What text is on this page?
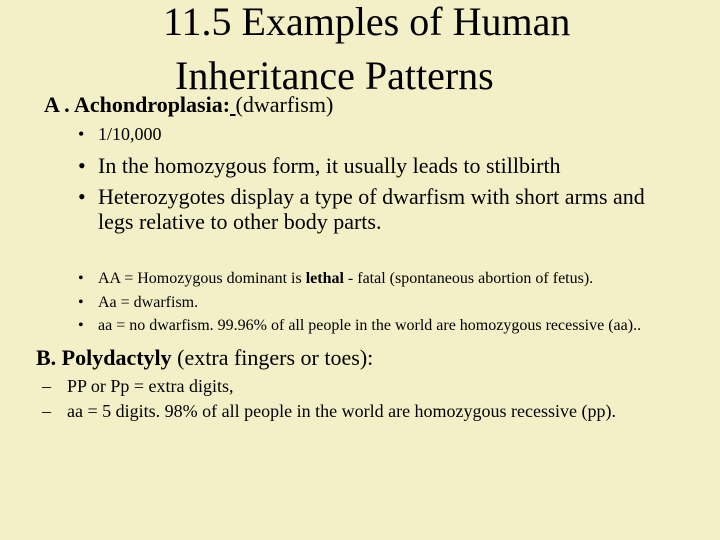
11.5 Examples of Human
Inheritance Patterns
A . Achondroplasia: (dwarfism)
• 1/10,000
• In the homozygous form, it usually leads to stillbirth
• Heterozygotes display a type of dwarfism with short arms and
legs relative to other body parts.
• AA = Homozygous dominant is lethal - fatal (spontaneous abortion of fetus).
• Aa = dwarfism.
• aa = no dwarfism. 99.96% of all people in the world are homozygous recessive (aa)..
B. Polydactyly (extra fingers or toes):
– PP or Pp = extra digits,
– aa = 5 digits. 98% of all people in the world are homozygous recessive (pp).
